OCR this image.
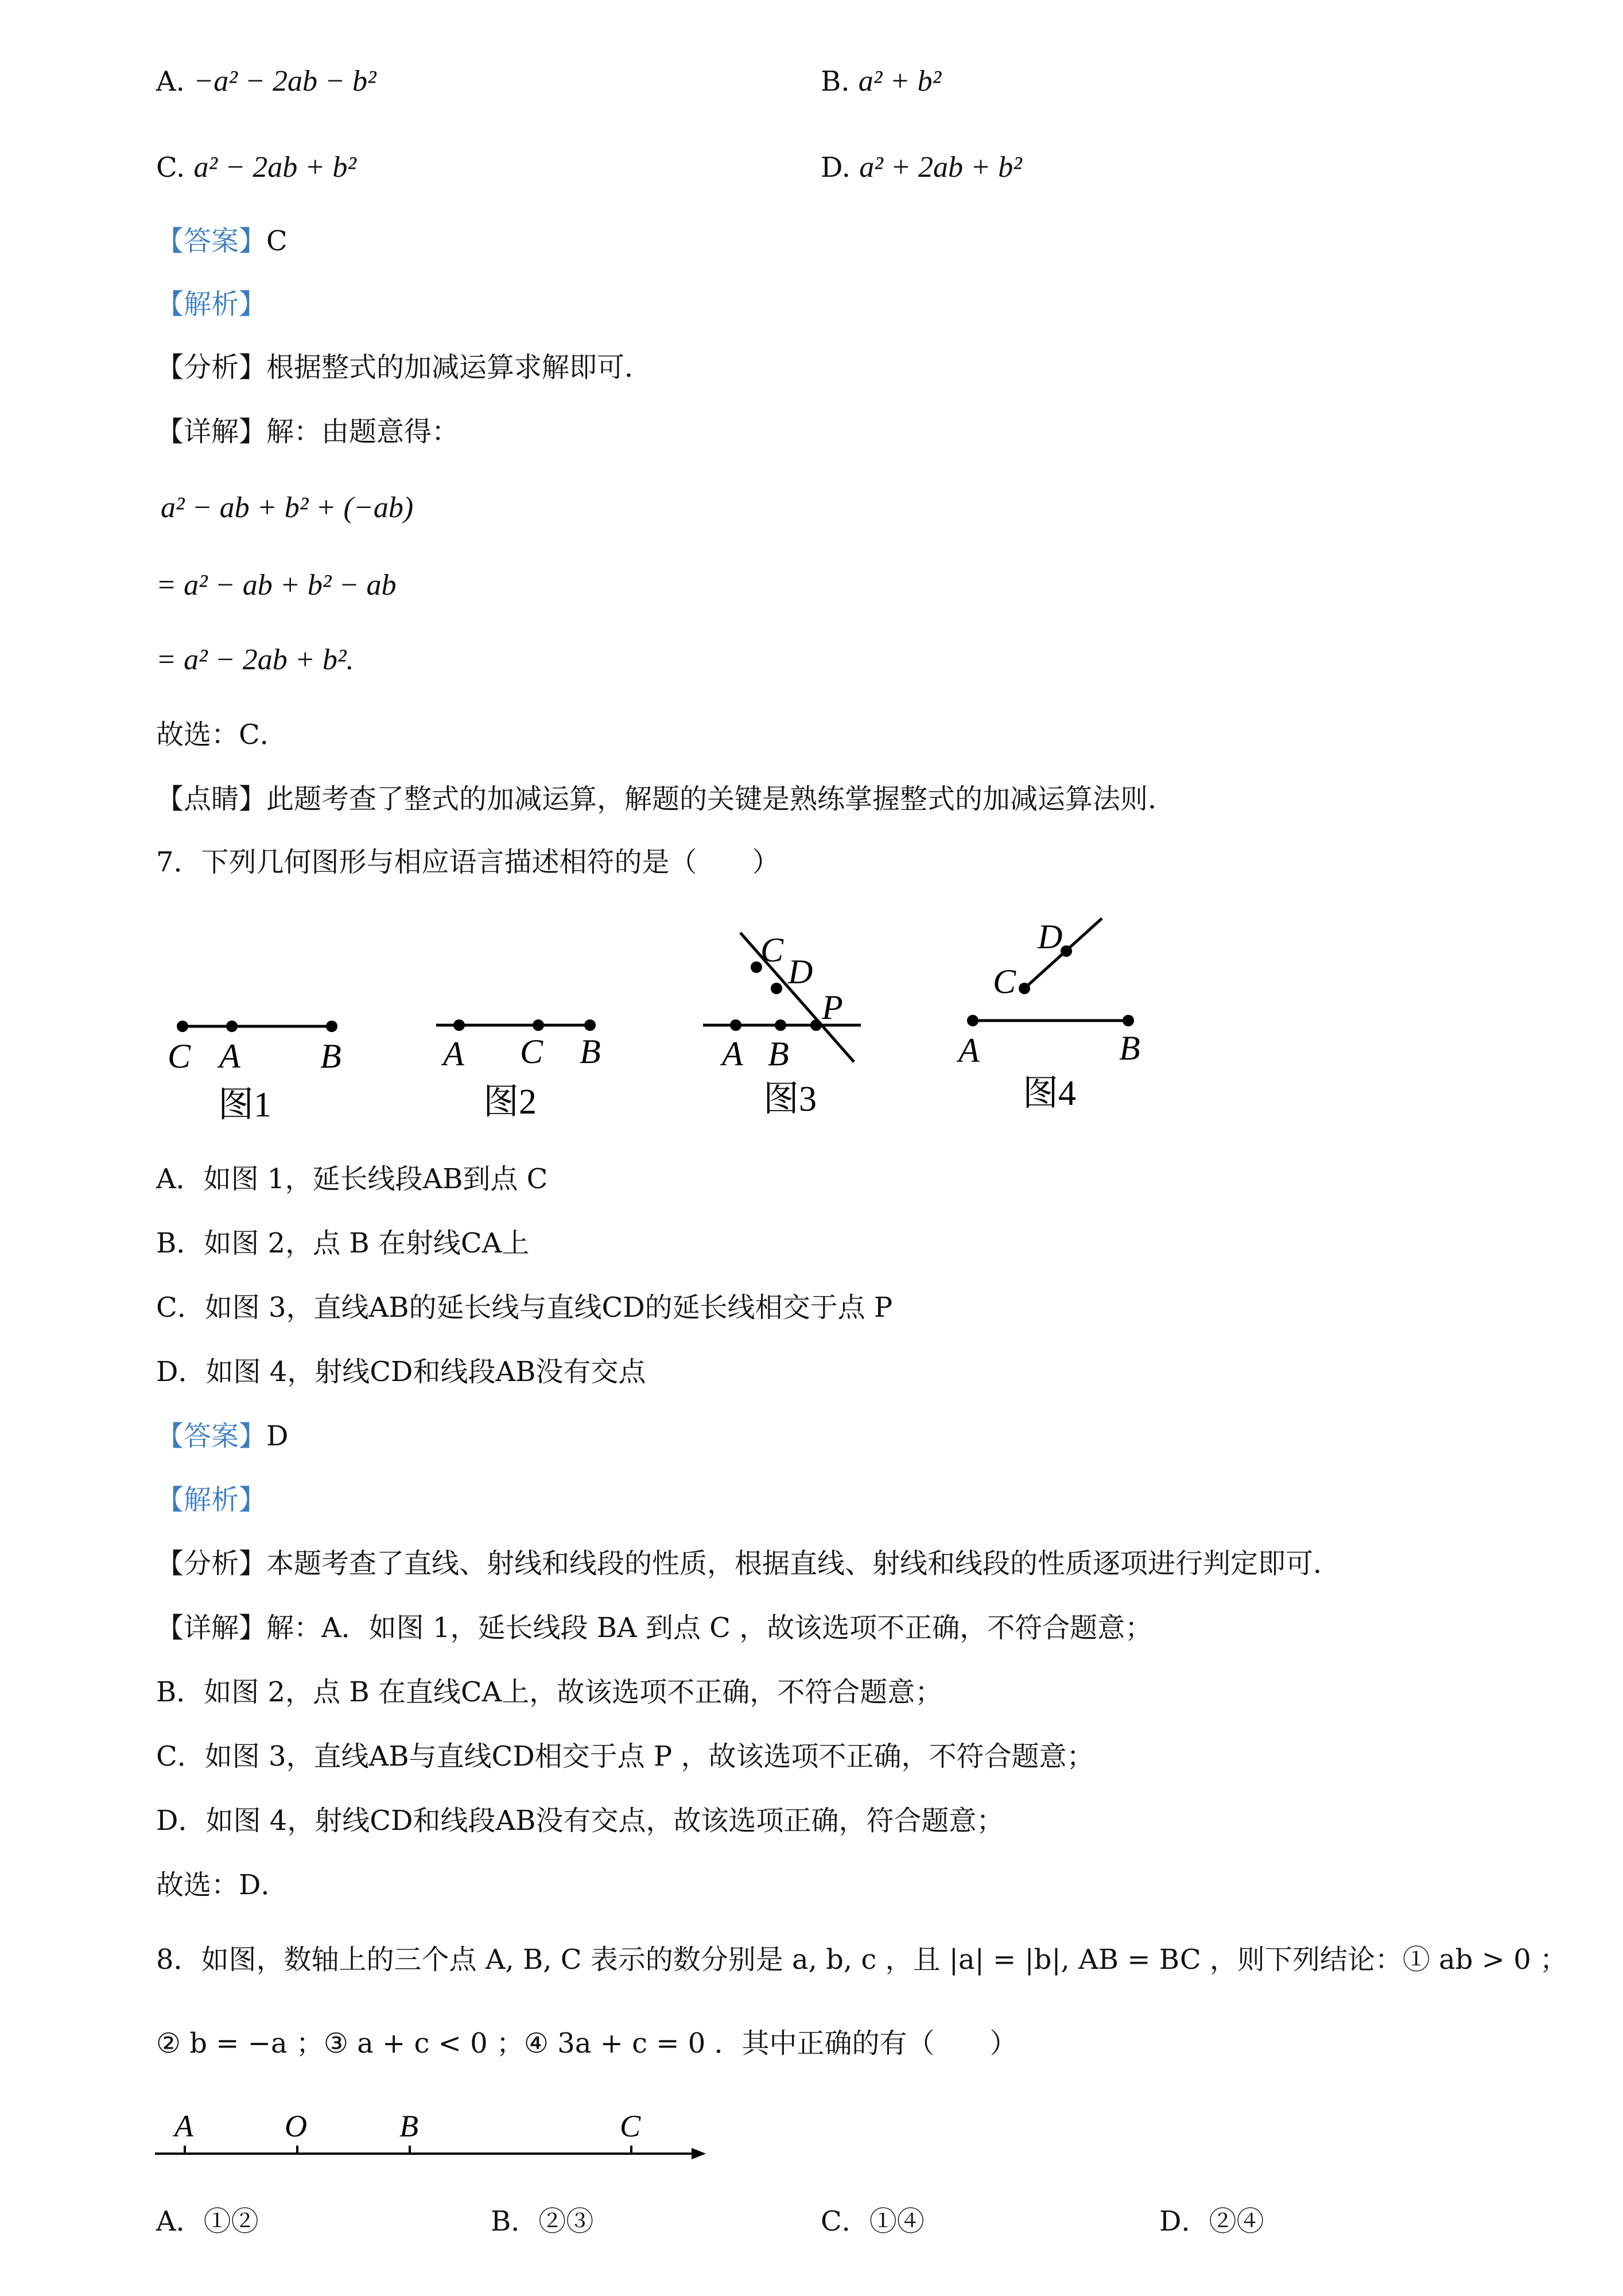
A. −a² − 2ab − b²	B. a² + b²
C. a² − 2ab + b²	D. a² + 2ab + b²
【答案】C
【解析】
【分析】根据整式的加减运算求解即可．
【详解】解：由题意得：
a² − ab + b² + (−ab)
= a² − ab + b² − ab
= a² − 2ab + b².
故选：C．
【点睛】此题考查了整式的加减运算，解题的关键是熟练掌握整式的加减运算法则．
7．下列几何图形与相应语言描述相符的是（　　）
C A B	A C B
C
D
P
A B
D
C
A	B
图1	图2	图3	图4
A．如图 1，延长线段AB到点 C
B．如图 2，点 B 在射线CA上
C．如图 3，直线AB的延长线与直线CD的延长线相交于点 P
D．如图 4，射线CD和线段AB没有交点
【答案】D
【解析】
【分析】本题考查了直线、射线和线段的性质，根据直线、射线和线段的性质逐项进行判定即可．
【详解】解：A．如图 1，延长线段 BA 到点 C ，故该选项不正确，不符合题意；
B．如图 2，点 B 在直线CA上，故该选项不正确，不符合题意；
C．如图 3，直线AB与直线CD相交于点 P ，故该选项不正确，不符合题意；
D．如图 4，射线CD和线段AB没有交点，故该选项正确，符合题意；
故选：D．
8．如图，数轴上的三个点 A, B, C 表示的数分别是 a, b, c ，且 |a| = |b|, AB = BC ，则下列结论：① ab > 0 ；
② b = −a ；③ a + c < 0 ；④ 3a + c = 0 ．其中正确的有（　　）
A	O	B	C
A．①②	B．②③	C．①④	D．②④
